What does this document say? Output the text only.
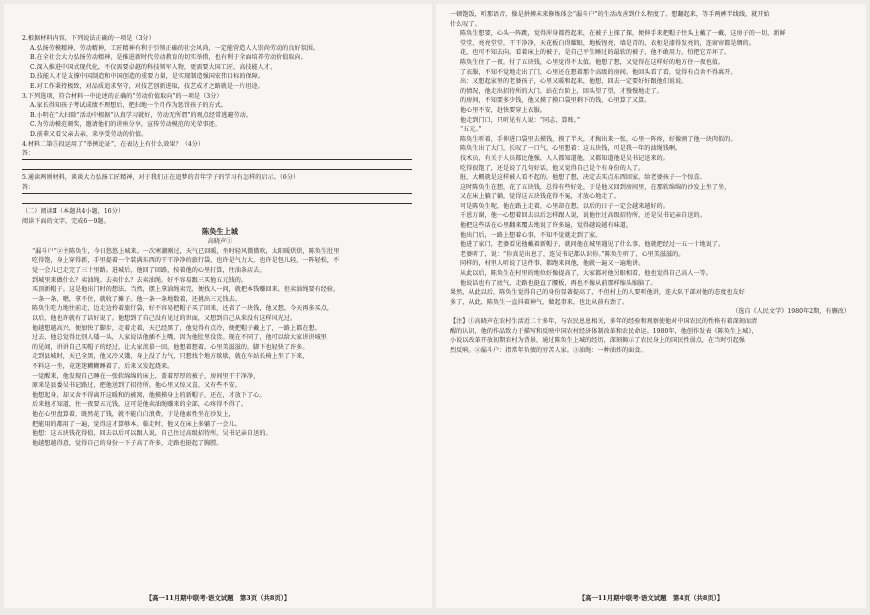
2.根据材料内容，下列说法正确的一项是（3分）
A.弘扬劳模精神、劳动精神，工匠精神有利于引领正确的社会风尚，一定能营造人人崇尚劳动的良好氛围。
B.在全社会大力弘扬劳动精神，是推进新时代劳动教育的切实举措，也有利于全面培养劳动价值取向。
C.深入推进中国式现代化，不仅需要卓越的科技领军人物，更需要大国工匠、高技能人才。
D.技能人才是支撑中国制造和中国创造的重要力量，是实现制造强国宏伟目标的保障。
E.对工作秉持极致，对品质追求坚守，对技艺创新进取，技艺成才之路就是一片坦途。
3.下列选项，符合材料一中论述的正确的“劳动价值取向”的一项是（3分）
A.家长得知孩子考试成绩不理想后，把扫地一个月作为惩罚孩子的方式。
B.小明在“大扫除”活动中根据“认真学习就好，劳动无所谓”的观点经常逃避劳动。
C.为劳动模范颁奖，邀请他们的讲座分享，宣传劳动模范的光荣事迹。
D.前辈又看父亲去亲，来享受劳动的价值。
4.材料二第⑤段运用了“举例论证”，在表达上有什么效果？（4分）
答：
5.通读两则材料，谈谈大力弘扬工匠精神，对于我们正在追梦的青年学子的学习有怎样的启示。（6分）
答：
（二）阅读Ⅱ（本题共4小题，16分）
阅读下面的文字，完成6～9题。
陈奂生上城
高晓声①
“漏斗户”②主陈奂生，今日悠悠上城来。一次寒潮刚过，天气已回暖，坐时轻风微微吹，太阳暖烘烘，陈奂生肚里
吃得饱，身上穿得新，手里提着一个装满东西的干干净净的旅行袋，也许是气力大，也许是包儿轻，一阵轻松，不
觉一会儿已走完了三十里路。进城后，他回了回路，按着他的心里打算，往油条店去。
到城里来做什么？卖油绳。去卖什么？去卖油绳。好不容易跟三买他五元钱的。
买顶新帽子。这是他出门时的想法。当然，摆上拿油绳卖完，便找人一问，就把本钱赚回来。但卖油绳要有经验，
一条一条，嗯，拿不住，就收了摊子。他一条一条地数着，还挑出三元钱去。
陈奂生吃力地往前走，边走边拎着旅行袋，好不容易把帽子买了回来，还省了一块钱，他又想，今天再多买点，
以后，他也许就有了话好说了。他想到了自己没有见过的世面，又想到自己从来没有这样风光过。
他越想越高兴，便加快了脚步，走着走着，天已经黑了，他觉得有点冷，便把帽子戴上了，一路上都在想。
过去，他总觉得比别人矮一头，人家说话他插不上嘴，因为他肚里没货。现在不同了，他可以给大家讲讲城里
的见闻，讲讲自己买帽子的经过，让大家羡慕一回。他想着想着，心里美滋滋的，脚下也轻快了许多。
走到县城时，天已全黑，他又冷又饿，身上没了力气，只想找个地方歇歇，就在车站长椅上坐了下来，
不料这一坐，竟迷迷糊糊睡着了，后来又发起烧来。
一觉醒来，他发现自己睡在一张软绵绵的床上，盖着厚厚的被子，房间里干干净净，
原来是县委吴书记路过，把他送到了招待所。他心里又惊又喜，又有些不安。
他想起身，却又舍不得离开这暖和的被窝，他摸摸身上的新帽子，还在，才放下了心。
后来他才知道，住一夜要五元钱，这可是他卖油绳赚来的全部，心疼得不得了。
他在心里盘算着，既然花了钱，就不能白白浪费，于是他索性坐在沙发上，
把能用的都用了一遍，觉得这才算够本。临走时，他又在床上多躺了一会儿。
他想：这五块钱花得值，回去以后可以跟人说，自己住过高级招待所，吴书记亲自送的。
他越想越得意，觉得自己的身份一下子高了许多，走路也挺起了胸膛。
【高一11月期中联考·语文试题　第3页（共8页）】
一顿饱饭，听那语音，像是拼搏未来修炼体会“漏斗户”的生活改善到什么程度了。想翻起来，等手两裤半线线，就开始
什么叹了。
陈奂生想要，心头一阵跳，觉得浑身都热起来，在被子上探了探，便伸手来把帽子往头上戴了一戴，这房子的一切，新鲜
堂堂，亮亮堂堂，干干净净，天花板白得耀眼，地板锃亮，墙是青的，衣柜是漆得发亮的，连窗帘都是绸的。
花，也可不知去向。看着床上的被子，是自己平生睡过的最软的被子，他不敢用力，怕把它弄坏了。
陈奂生住了一夜，付了五块钱，心里觉得不太值。他想了想，又觉得在这样好的地方住一夜也值。
了衣服，不知不觉地走出了门，心里还在想着那个高级的房间。他回头看了看，觉得有点舍不得离开。
出：又想起家里的老婆孩子，心里又暖和起来，他想，回去一定要好好跟他们说说。
的情况，他走出招待所的大门，站在台阶上，回头望了望，才慢慢地走了。
的房间，不知要多少钱，他又摸了摸口袋里剩下的钱，心里算了又算。
他心里不安，赶快要穿上衣服。
他走到门口，只听见有人说：“同志，算账。”
“五元。”
陈奂生听着，手伸进口袋里去摸钱，摸了半天，才掏出来一张，心里一阵疼，好像割了他一块肉似的。
陈奂生出了大门，长叹了一口气，心里想着：这五块钱，可是我一年的油绳钱啊。
技术员，有关于人员都比他强，人人都知道他，又都知道他是吴书记送来的。
吃得很饱了，还是说了几句好话，他又觉得自己是个有身份的人了。
脏，大概就是这样被人看不起的。他想了想，决定去买点东西回家，给老婆孩子一个惊喜。
这时陈奂生在想，花了五块钱，总得有些好处，于是他又回到房间里，在那软绵绵的沙发上坐了坐，
又在床上躺了躺，觉得这五块钱花得不冤，才放心地走了。
可是陈奂生呢，他在路上走着，心里却在想，以后的日子一定会越来越好的。
千恩万谢，他一心想着回去以后怎样跟人说，说他住过高级招待所，还是吴书记亲自送的。
他把这些话在心里翻来覆去地说了许多遍，觉得越说越有味道。
他出门后，一路上想着心事，不知不觉就走到了家。
他进了家门，老婆看见他戴着新帽子，就问他在城里遇见了什么事，他就把经过一五一十地说了。
老婆听了，说：“你真是出息了，连吴书记都认识你。”陈奂生听了，心里美滋滋的。
同样的，村里人听说了这件事，都跑来问他，他就一遍又一遍地讲。
从此以后，陈奂生在村里的地位好像提高了，大家都对他另眼相看，他也觉得自己高人一等。
他说话也有了底气，走路也挺直了腰板，再也不像从前那样缩头缩脑了。
果然，从此以后，陈奂生觉得自己的身份显著提高了，不但村上的人要听他讲，连大队干部对他的态度也友好
多了，从此，陈奂生一直抖着神气，做起事来，也比从前有劲了。
（选自《人民文学》1980年2期，有删改）
【注】①高晓声在农村生活近二十多年，与农民息息相关，多年的经验和观察使他对中国农民的性格有着深刻而清
醒的认识，他的作品致力于描写和反映中国农村经济体制改革和农民命运。1980年，他创作发表《陈奂生上城》，
小说以改革开放初期农村为背景，通过陈奂生上城的经历，深刻揭示了农民身上的国民性弱点，在当时引起强
烈反响。②漏斗户：指常年负债的穷苦人家。③油绳：一种油炸的面食。
【高一11月期中联考·语文试题　第4页（共8页）】
